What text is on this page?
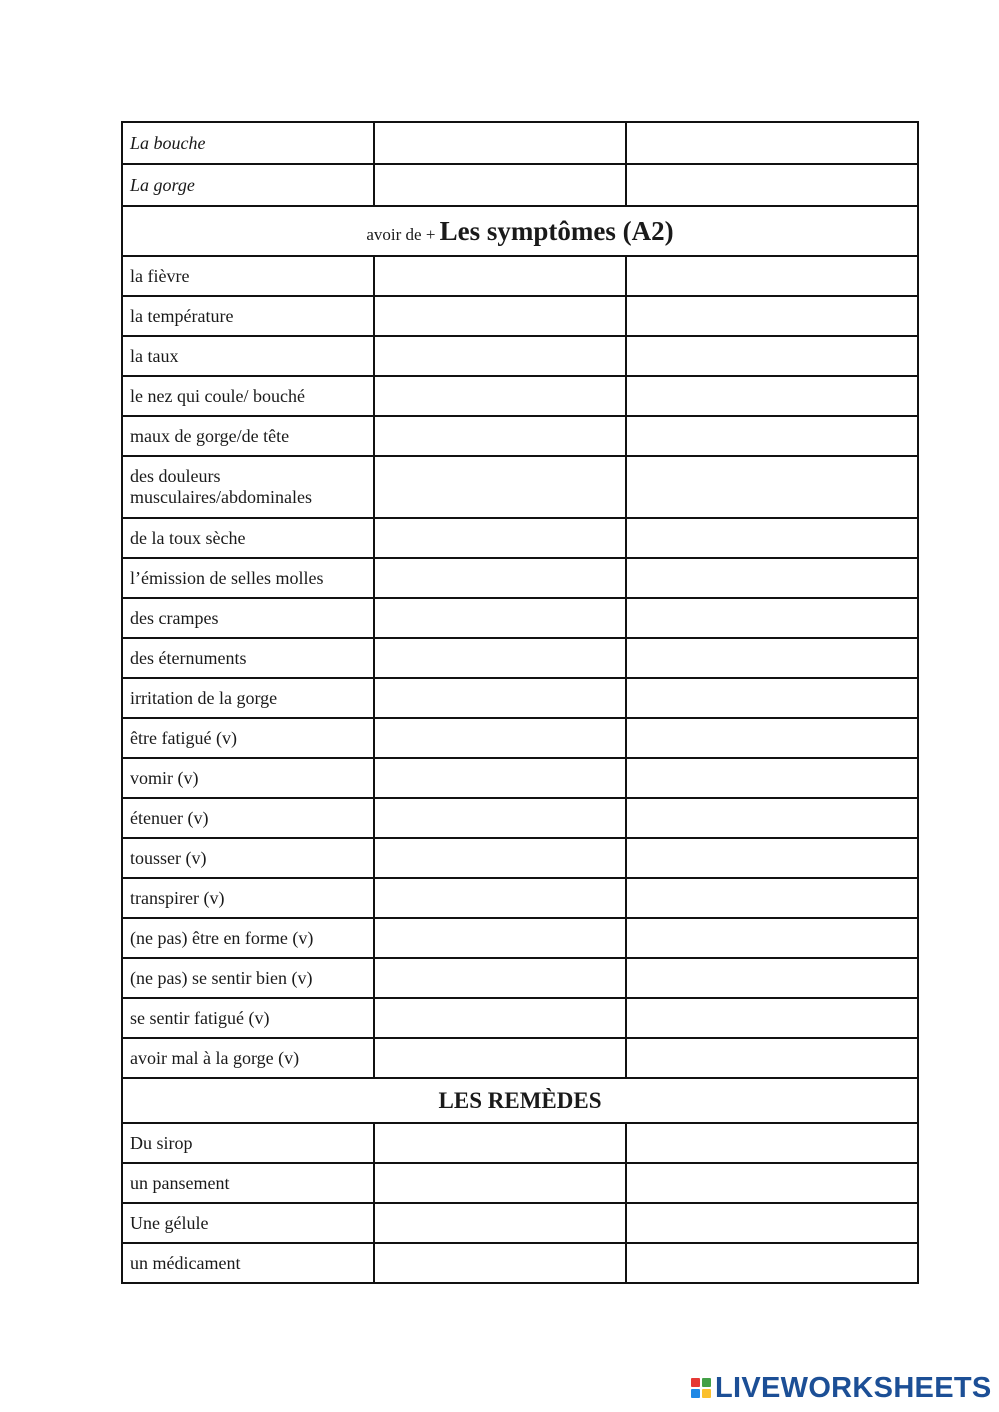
La bouche		
La gorge		
avoir de + Les symptômes (A2)		
la fièvre		
la température		
la taux		
le nez qui coule/ bouché		
maux de gorge/de tête		
des douleurs musculaires/abdominales		
de la toux sèche		
l’émission de selles molles		
des crampes		
des éternuments		
irritation de la gorge		
être fatigué (v)		
vomir (v)		
étenuer (v)		
tousser (v)		
transpirer (v)		
(ne pas) être en forme (v)		
(ne pas) se sentir bien (v)		
se sentir fatigué (v)		
avoir mal à la gorge (v)		
LES REMÈDES		
Du sirop		
un pansement		
Une gélule		
un médicament		
LIVEWORKSHEETS
